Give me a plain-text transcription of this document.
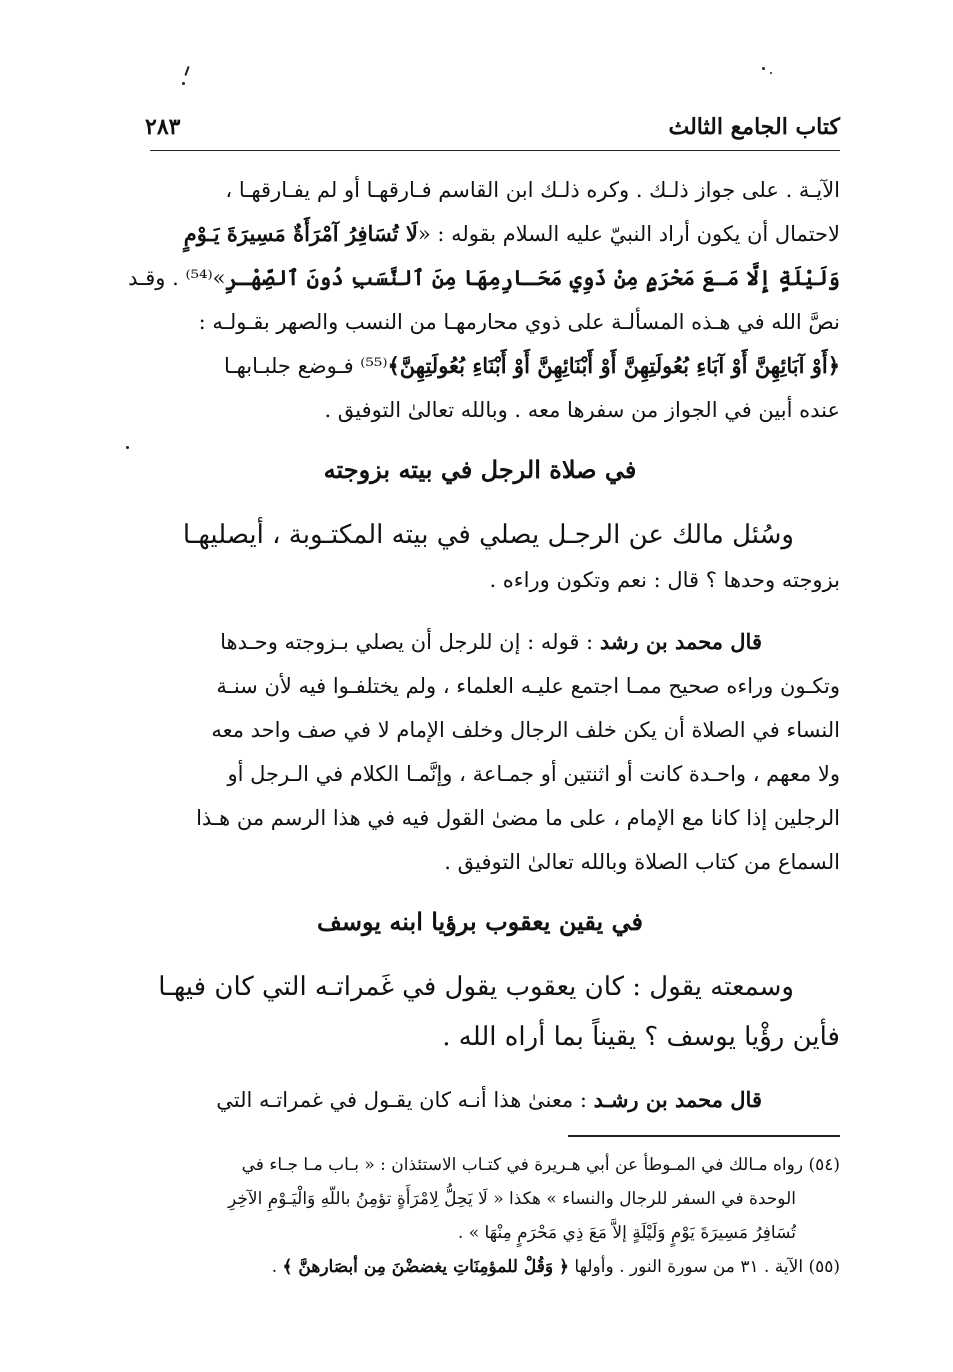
كتاب الجامع الثالث
٢٨٣
الآيـة . على جواز ذلـك . وكره ذلـك ابن القاسم فـارقهـا أو لم يفـارقهـا ،
لاحتمال أن يكون أراد النبيّ عليه السلام بقوله : «لَا تُسَافِرُ آمْرَأَةٌ مَسِيرَةَ يَـوْمٍ
وَلَيْلَةٍ إِلَّا مَـعَ مَحْرَمٍ مِنْ ذَوِي مَحَـارِمِهَا مِنَ ٱلنَّسَبِ دُونَ ٱلصِّهْـرِ»⁽⁵⁴⁾ . وقـد
نصَّ الله في هـذه المسألـة على ذوي محارمهـا من النسب والصهر بقـولـه :
﴿أَوْ آبَائِهِنَّ أَوْ آبَاءِ بُعُولَتِهِنَّ أَوْ أَبْنَائِهِنَّ أَوْ أَبْنَاءِ بُعُولَتِهِنَّ﴾⁽⁵⁵⁾ فـوضع جلبـابهـا
عنده أبين في الجواز من سفرها معه . وبالله تعالىٰ التوفيق .
في صلاة الرجل في بيته بزوجته
وسُئل مالك عن الرجـل يصلي في بيته المكتـوبة ، أيصليهـا
بزوجته وحدها ؟ قال : نعم وتكون وراءه .
قال محمد بن رشد : قوله : إن للرجل أن يصلي بـزوجته وحـدها
وتكـون وراءه صحيح ممـا اجتمع عليـه العلماء ، ولم يختلفـوا فيه لأن سنـة
النساء في الصلاة أن يكن خلف الرجال وخلف الإمام لا في صف واحد معه
ولا معهم ، واحـدة كانت أو اثنتين أو جمـاعة ، وإنَّمـا الكلام في الـرجل أو
الرجلين إذا كانا مع الإمام ، على ما مضىٰ القول فيه في هذا الرسم من هـذا
السماع من كتاب الصلاة وبالله تعالىٰ التوفيق .
في يقين يعقوب برؤيا ابنه يوسف
وسمعته يقول : كان يعقوب يقول في غَمراتـه التي كان فيهـا
فأين رؤْيا يوسف ؟ يقيناً بما أراه الله .
قال محمد بن رشـد : معنىٰ هذا أنـه كان يقـول في غمراتـه التي
(٥٤) رواه مـالك في المـوطأ عن أبي هـريرة في كتـاب الاستئذان : « بـاب مـا جـاء في
الوحدة في السفر للرجال والنساء » هكذا « لَا يَحِلُّ لِامْرَأَةٍ تؤمِنُ باللّهِ وَالْيَـوْمِ الآخِرِ
تُسَافِرُ مَسِيرَةَ يَوْمٍ وَلَيْلَةٍ إلاَّ مَعَ ذِي مَحْرَمٍ مِنْهَا » .
(٥٥) الآية . ٣١ من سورة النور . وأولها ﴿ وَقُلْ للمؤمِنَاتِ يغضضْنَ مِن أبصَارهنَّ ﴾ .
